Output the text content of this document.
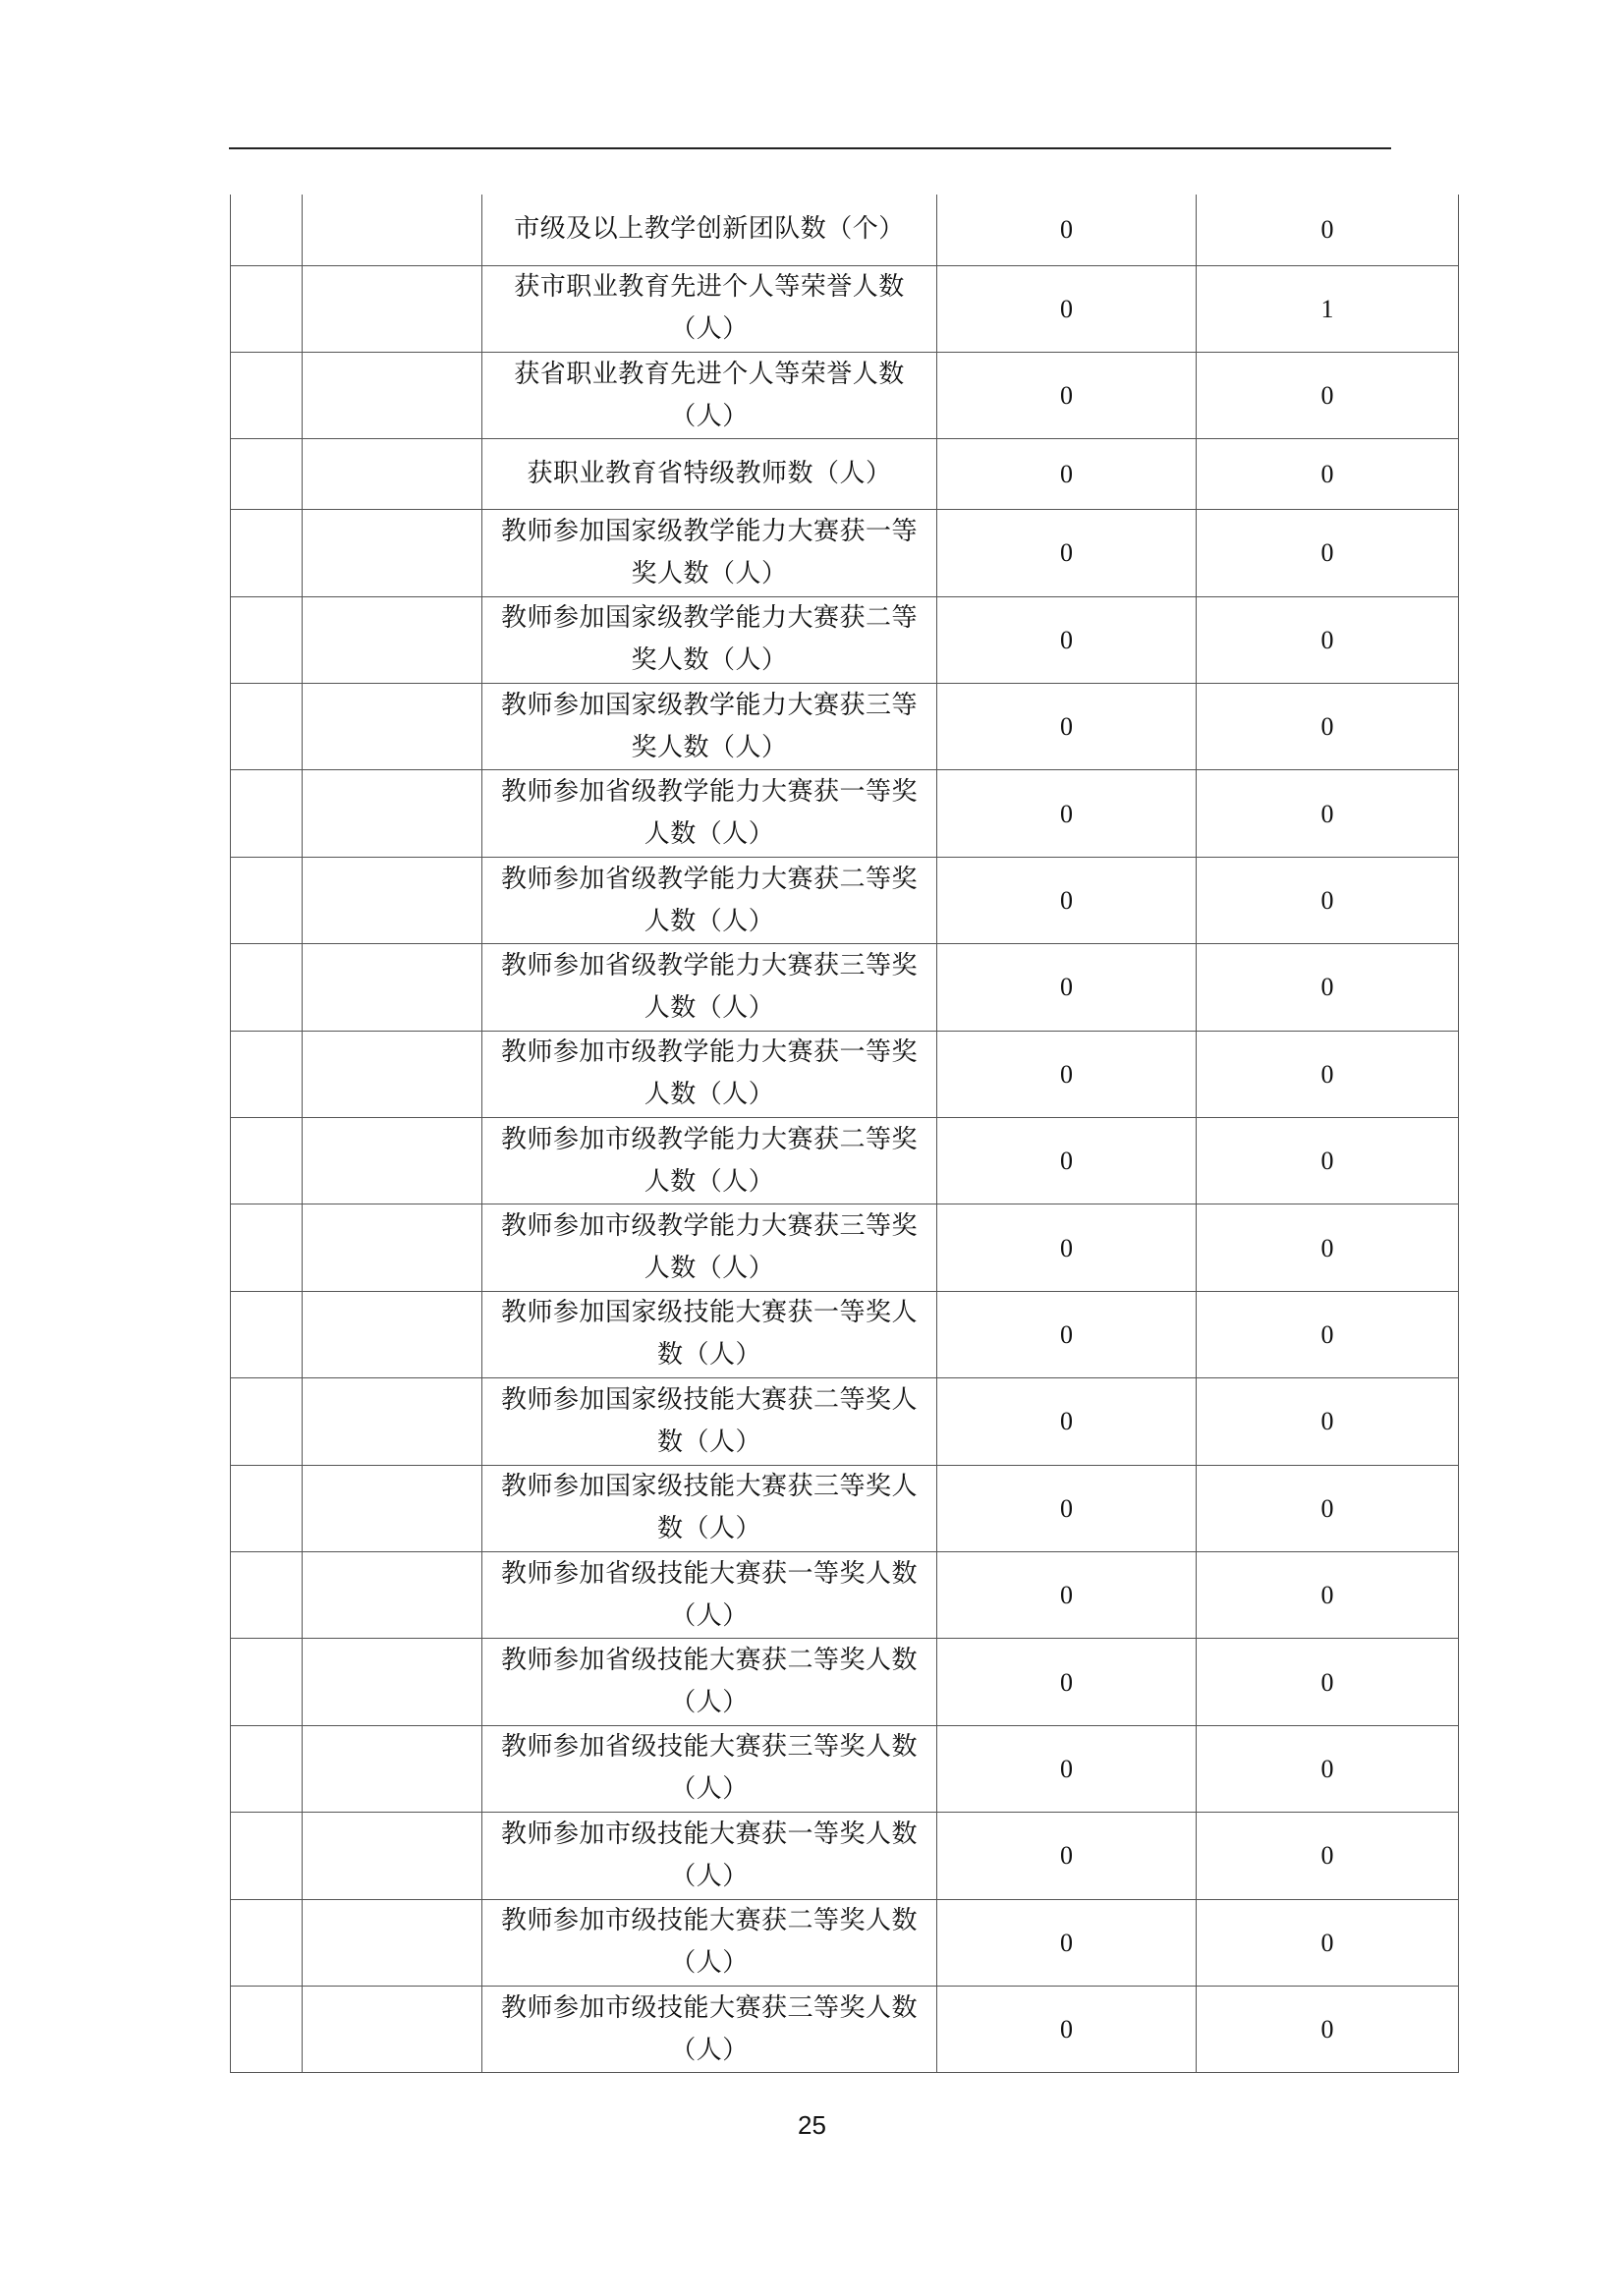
		市级及以上教学创新团队数（个）	0	0
		获市职业教育先进个人等荣誉人数（人）	0	1
		获省职业教育先进个人等荣誉人数（人）	0	0
		获职业教育省特级教师数（人）	0	0
		教师参加国家级教学能力大赛获一等奖人数（人）	0	0
		教师参加国家级教学能力大赛获二等奖人数（人）	0	0
		教师参加国家级教学能力大赛获三等奖人数（人）	0	0
		教师参加省级教学能力大赛获一等奖人数（人）	0	0
		教师参加省级教学能力大赛获二等奖人数（人）	0	0
		教师参加省级教学能力大赛获三等奖人数（人）	0	0
		教师参加市级教学能力大赛获一等奖人数（人）	0	0
		教师参加市级教学能力大赛获二等奖人数（人）	0	0
		教师参加市级教学能力大赛获三等奖人数（人）	0	0
		教师参加国家级技能大赛获一等奖人数（人）	0	0
		教师参加国家级技能大赛获二等奖人数（人）	0	0
		教师参加国家级技能大赛获三等奖人数（人）	0	0
		教师参加省级技能大赛获一等奖人数（人）	0	0
		教师参加省级技能大赛获二等奖人数（人）	0	0
		教师参加省级技能大赛获三等奖人数（人）	0	0
		教师参加市级技能大赛获一等奖人数（人）	0	0
		教师参加市级技能大赛获二等奖人数（人）	0	0
		教师参加市级技能大赛获三等奖人数（人）	0	0
25
